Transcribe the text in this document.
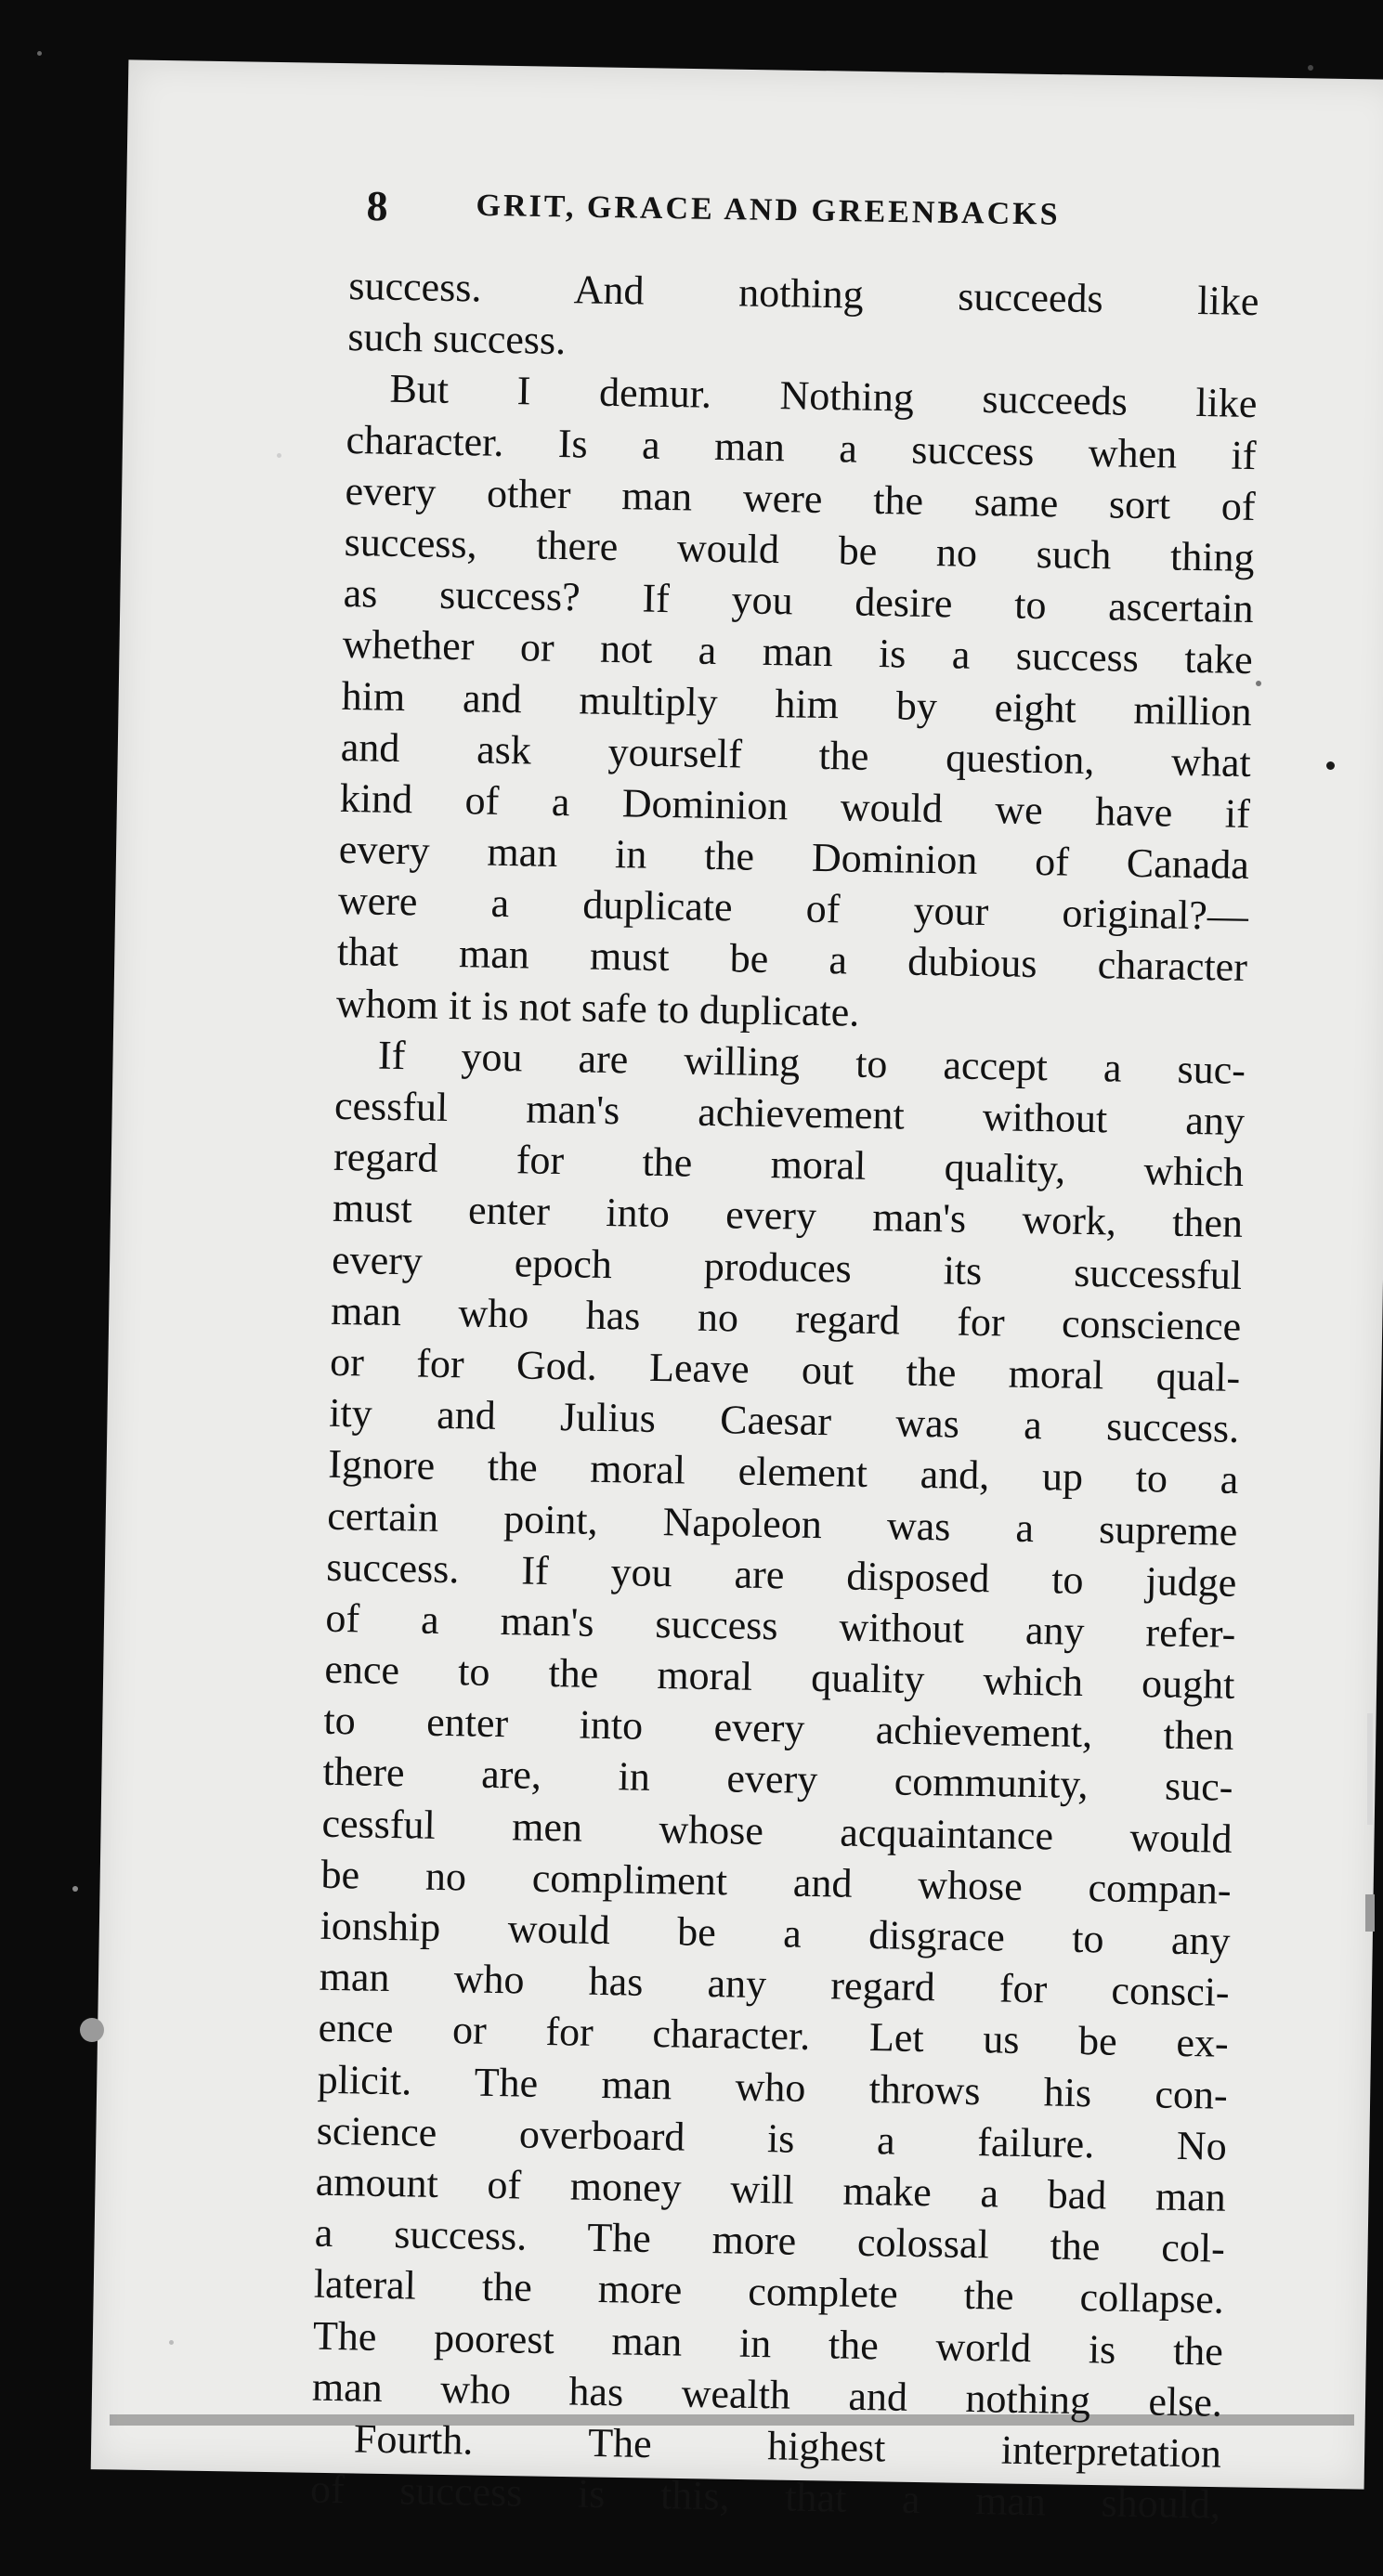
8	GRIT, GRACE AND GREENBACKS
success. And nothing succeeds like
such success.
But I demur. Nothing succeeds like
character. Is a man a success when if
every other man were the same sort of
success, there would be no such thing
as success? If you desire to ascertain
whether or not a man is a success take
him and multiply him by eight million
and ask yourself the question, what
kind of a Dominion would we have if
every man in the Dominion of Canada
were a duplicate of your original?—
that man must be a dubious character
whom it is not safe to duplicate.
If you are willing to accept a suc-
cessful man's achievement without any
regard for the moral quality, which
must enter into every man's work, then
every epoch produces its successful
man who has no regard for conscience
or for God. Leave out the moral qual-
ity and Julius Caesar was a success.
Ignore the moral element and, up to a
certain point, Napoleon was a supreme
success. If you are disposed to judge
of a man's success without any refer-
ence to the moral quality which ought
to enter into every achievement, then
there are, in every community, suc-
cessful men whose acquaintance would
be no compliment and whose compan-
ionship would be a disgrace to any
man who has any regard for consci-
ence or for character. Let us be ex-
plicit. The man who throws his con-
science overboard is a failure. No
amount of money will make a bad man
a success. The more colossal the col-
lateral the more complete the collapse.
The poorest man in the world is the
man who has wealth and nothing else.
Fourth. The highest interpretation
of success is this, that a man should,
